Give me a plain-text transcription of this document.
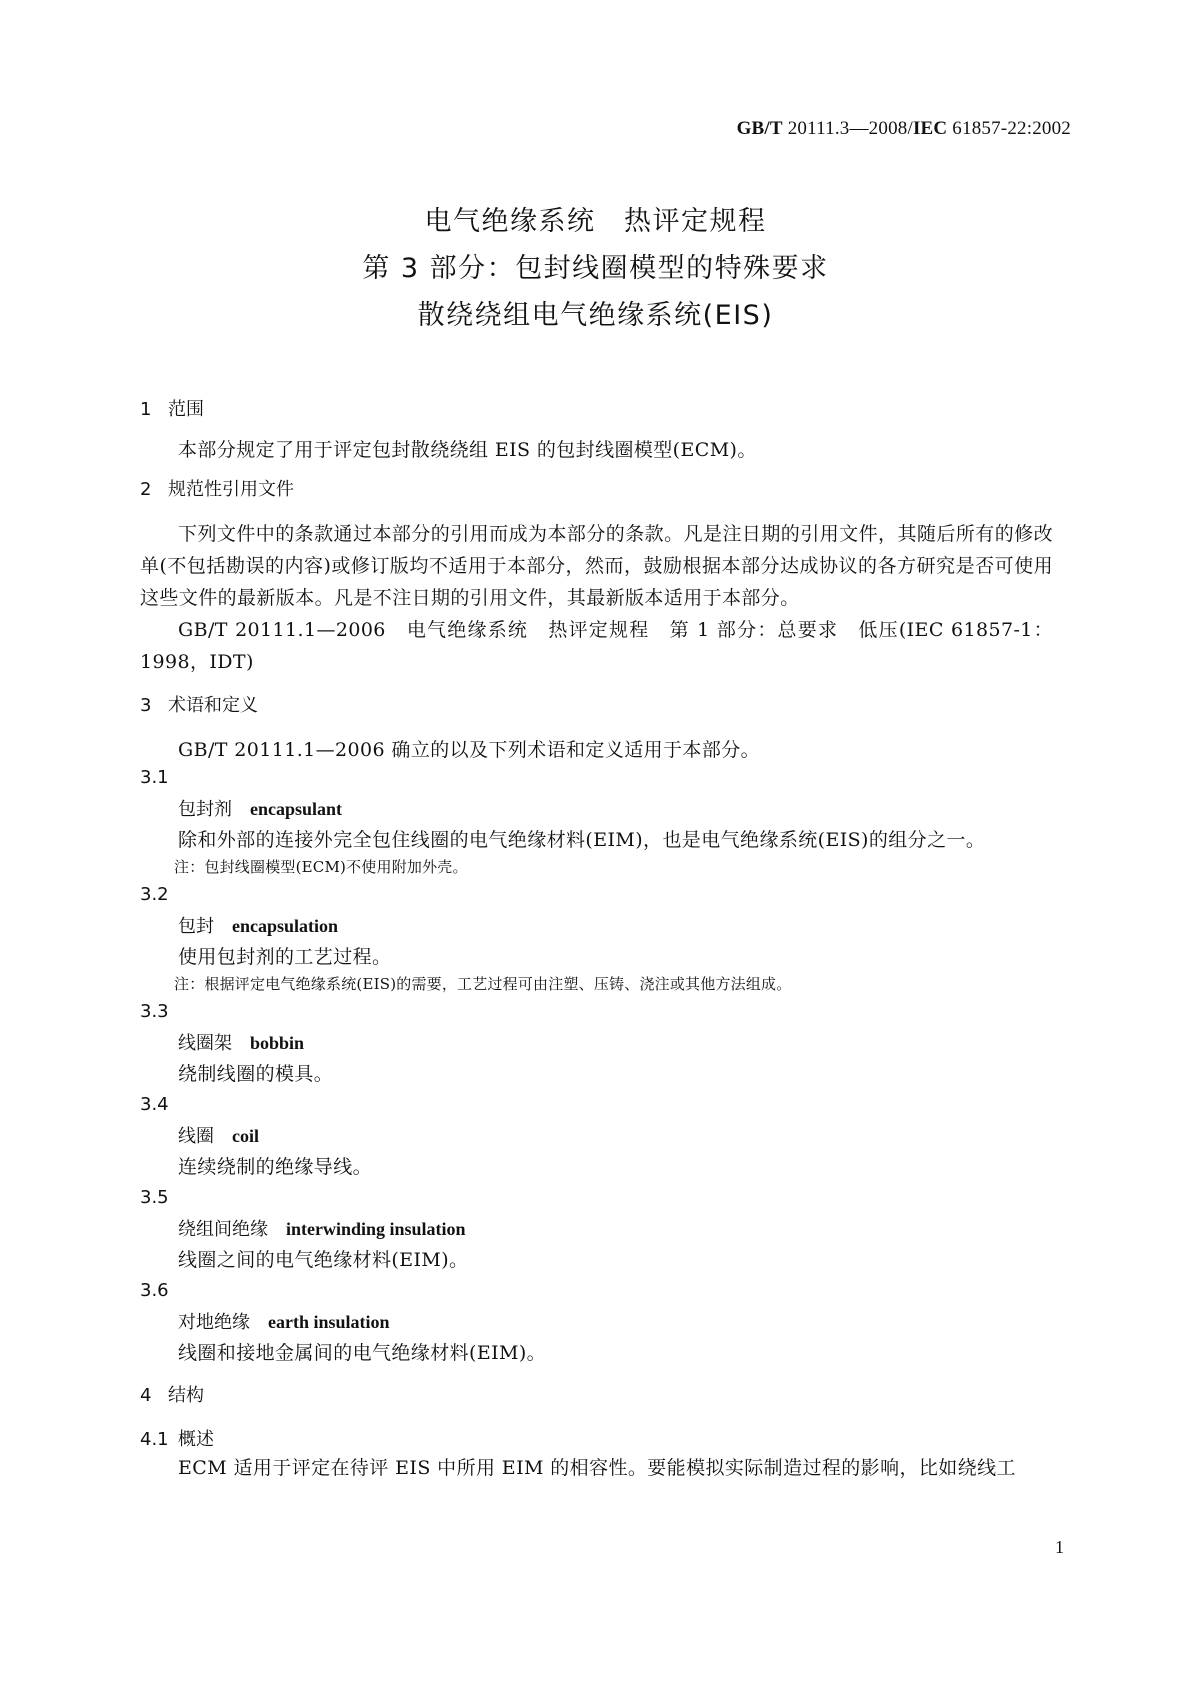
GB/T 20111.3—2008/IEC 61857-22:2002
电气绝缘系统　热评定规程
第 3 部分：包封线圈模型的特殊要求
散绕绕组电气绝缘系统(EIS)
1 范围
本部分规定了用于评定包封散绕绕组 EIS 的包封线圈模型(ECM)。
2 规范性引用文件
下列文件中的条款通过本部分的引用而成为本部分的条款。凡是注日期的引用文件，其随后所有的修改单(不包括勘误的内容)或修订版均不适用于本部分，然而，鼓励根据本部分达成协议的各方研究是否可使用这些文件的最新版本。凡是不注日期的引用文件，其最新版本适用于本部分。
GB/T 20111.1—2006　电气绝缘系统　热评定规程　第 1 部分：总要求　低压(IEC 61857-1：1998，IDT)
3 术语和定义
GB/T 20111.1—2006 确立的以及下列术语和定义适用于本部分。
3.1
包封剂 encapsulant
除和外部的连接外完全包住线圈的电气绝缘材料(EIM)，也是电气绝缘系统(EIS)的组分之一。
注：包封线圈模型(ECM)不使用附加外壳。
3.2
包封 encapsulation
使用包封剂的工艺过程。
注：根据评定电气绝缘系统(EIS)的需要，工艺过程可由注塑、压铸、浇注或其他方法组成。
3.3
线圈架 bobbin
绕制线圈的模具。
3.4
线圈 coil
连续绕制的绝缘导线。
3.5
绕组间绝缘 interwinding insulation
线圈之间的电气绝缘材料(EIM)。
3.6
对地绝缘 earth insulation
线圈和接地金属间的电气绝缘材料(EIM)。
4 结构
4.1 概述
ECM 适用于评定在待评 EIS 中所用 EIM 的相容性。要能模拟实际制造过程的影响，比如绕线工
1
